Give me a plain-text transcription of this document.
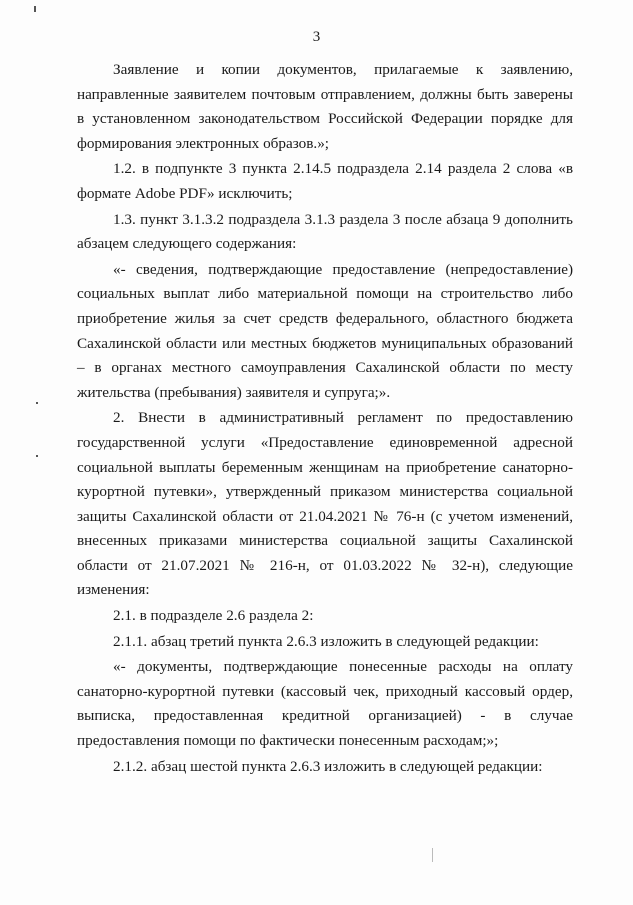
3

Заявление и копии документов, прилагаемые к заявлению, направленные заявителем почтовым отправлением, должны быть заверены в установленном законодательством Российской Федерации порядке для формирования электронных образов.»;

1.2. в подпункте 3 пункта 2.14.5 подраздела 2.14 раздела 2 слова «в формате Adobe PDF» исключить;

1.3. пункт 3.1.3.2 подраздела 3.1.3 раздела 3 после абзаца 9 дополнить абзацем следующего содержания:

«- сведения, подтверждающие предоставление (непредоставление) социальных выплат либо материальной помощи на строительство либо приобретение жилья за счет средств федерального, областного бюджета Сахалинской области или местных бюджетов муниципальных образований – в органах местного самоуправления Сахалинской области по месту жительства (пребывания) заявителя и супруга;».

2. Внести в административный регламент по предоставлению государственной услуги «Предоставление единовременной адресной социальной выплаты беременным женщинам на приобретение санаторно-курортной путевки», утвержденный приказом министерства социальной защиты Сахалинской области от 21.04.2021 № 76-н (с учетом изменений, внесенных приказами министерства социальной защиты Сахалинской области от 21.07.2021 № 216-н, от 01.03.2022 № 32-н), следующие изменения:

2.1. в подразделе 2.6 раздела 2:

2.1.1. абзац третий пункта 2.6.3 изложить в следующей редакции:

«- документы, подтверждающие понесенные расходы на оплату санаторно-курортной путевки (кассовый чек, приходный кассовый ордер, выписка, предоставленная кредитной организацией) - в случае предоставления помощи по фактически понесенным расходам;»;

2.1.2. абзац шестой пункта 2.6.3 изложить в следующей редакции:
